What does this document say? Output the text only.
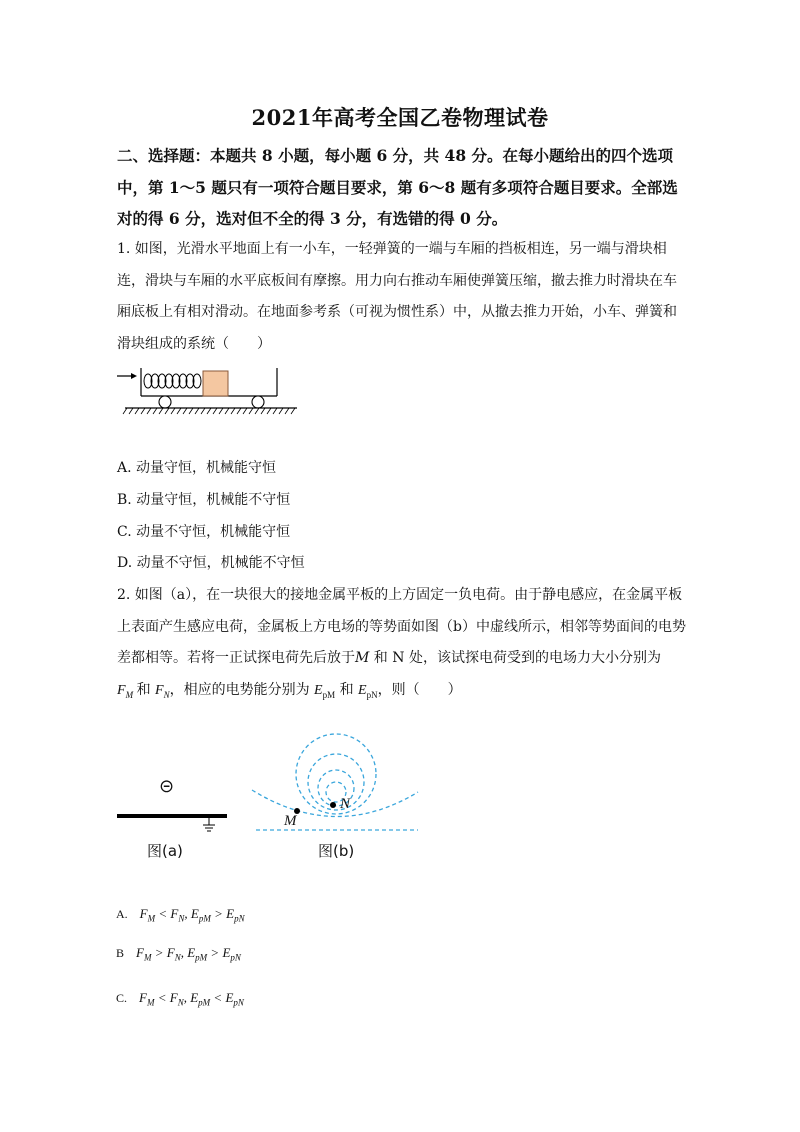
2021年高考全国乙卷物理试卷
二、选择题：本题共 8 小题，每小题 6 分，共 48 分。在每小题给出的四个选项中，第 1～5 题只有一项符合题目要求，第 6～8 题有多项符合题目要求。全部选对的得 6 分，选对但不全的得 3 分，有选错的得 0 分。
1. 如图，光滑水平地面上有一小车，一轻弹簧的一端与车厢的挡板相连，另一端与滑块相连，滑块与车厢的水平底板间有摩擦。用力向右推动车厢使弹簧压缩，撤去推力时滑块在车厢底板上有相对滑动。在地面参考系（可视为惯性系）中，从撤去推力开始，小车、弹簧和滑块组成的系统（　　）
A. 动量守恒，机械能守恒
B. 动量守恒，机械能不守恒
C. 动量不守恒，机械能守恒
D. 动量不守恒，机械能不守恒
2. 如图（a），在一块很大的接地金属平板的上方固定一负电荷。由于静电感应，在金属平板上表面产生感应电荷，金属板上方电场的等势面如图（b）中虚线所示，相邻等势面间的电势差都相等。若将一正试探电荷先后放于M 和 N 处，该试探电荷受到的电场力大小分别为
$F_M$ 和 $F_N$，相应的电势能分别为 $E_{pM}$ 和 $E_{pN}$，则（　　）
⊝
图(a)
M
N
图(b)
A. $F_M < F_N$, $E_{pM} > E_{pN}$
B $F_M > F_N$, $E_{pM} > E_{pN}$
C. $F_M < F_N$, $E_{pM} < E_{pN}$
